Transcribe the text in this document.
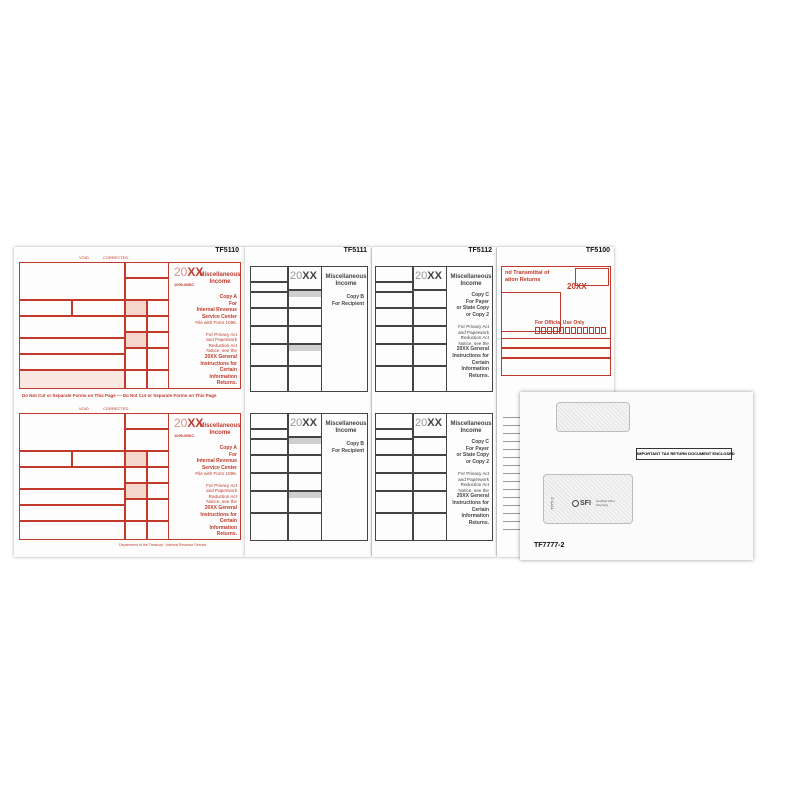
TF5110
VOID	CORRECTED
20XX
1099-MISC
Miscellaneous
Income
Copy A
For
Internal Revenue
Service Center
File with Form 1096.

For Privacy Act
and Paperwork
Reduction Act
Notice, see the
20XX General
Instructions for
Certain
Information
Returns.
Do Not Cut or Separate Forms on This Page — Do Not Cut or Separate Forms on This Page
VOID	CORRECTED
20XX
1099-MISC
Miscellaneous
Income
Copy A
For
Internal Revenue
Service Center
File with Form 1096.

For Privacy Act
and Paperwork
Reduction Act
Notice, see the
20XX General
Instructions for
Certain
Information
Returns.
Department of the Treasury - Internal Revenue Service
TF5111
20XX Miscellaneous
Income
Copy B
For Recipient
20XX Miscellaneous
Income
Copy B
For Recipient
TF5112
20XX Miscellaneous
Income
Copy C
For Payer
or State Copy
or Copy 2

For Privacy Act
and Paperwork
Reduction Act
Notice, see the
20XX General
Instructions for
Certain
Information
Returns.
20XX Miscellaneous
Income
Copy C
For Payer
or State Copy
or Copy 2

For Privacy Act
and Paperwork
Reduction Act
Notice, see the
20XX General
Instructions for
Certain
Information
Returns.
TF5100
nd Transmittal of
ation Returns
20XX
For Official Use Only
IMPORTANT TAX RETURN DOCUMENT ENCLOSED
7777-2	SFI Certified Fiber
Sourcing
TF7777-2
